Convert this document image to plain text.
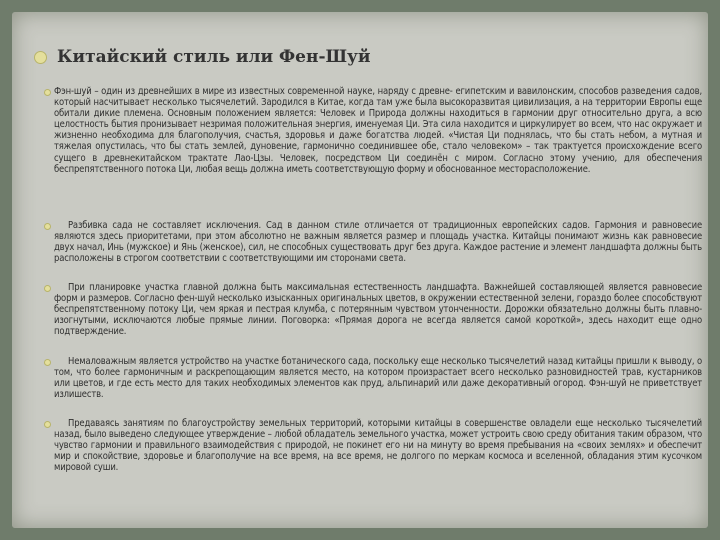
Китайский стиль или Фен-Шуй
Фэн-шуй – один из древнейших в мире из известных современной науке, наряду с древне- египетским и вавилонским, способов разведения садов, который насчитывает несколько тысячелетий. Зародился в Китае, когда там уже была высокоразвитая цивилизация, а на территории Европы еще обитали дикие племена. Основным положением является: Человек и Природа должны находиться в гармонии друг относительно друга, а всю целостность бытия пронизывает незримая положительная энергия, именуемая Ци. Эта сила находится и циркулирует во всем, что нас окружает и жизненно необходима для благополучия, счастья, здоровья и даже богатства людей. «Чистая Ци поднялась, что бы стать небом, а мутная и тяжелая опустилась, что бы стать землей, дуновение, гармонично соединившее обе, стало человеком» – так трактуется происхождение всего сущего в древнекитайском трактате Лао-Цзы. Человек, посредством Ци соединён с миром. Согласно этому учению, для обеспечения беспрепятственного потока Ци, любая вещь должна иметь соответствующую форму и обоснованное месторасположение.
Разбивка сада не составляет исключения. Сад в данном стиле отличается от традиционных европейских садов. Гармония и равновесие являются здесь приоритетами, при этом абсолютно не важным является размер и площадь участка. Китайцы понимают жизнь как равновесие двух начал, Инь (мужское) и Янь (женское), сил, не способных существовать друг без друга. Каждое растение и элемент ландшафта должны быть расположены в строгом соответствии с соответствующими им сторонами света.
При планировке участка главной должна быть максимальная естественность ландшафта. Важнейшей составляющей является равновесие форм и размеров. Согласно фен-шуй несколько изысканных оригинальных цветов, в окружении естественной зелени, гораздо более способствуют беспрепятственному потоку Ци, чем яркая и пестрая клумба, с потерянным чувством утонченности. Дорожки обязательно должны быть плавно-изогнутыми, исключаются любые прямые линии. Поговорка: «Прямая дорога не всегда является самой короткой», здесь находит еще одно подтверждение.
Немаловажным является устройство на участке ботанического сада, поскольку еще несколько тысячелетий назад китайцы пришли к выводу, о том, что более гармоничным и раскрепощающим является место, на котором произрастает всего несколько разновидностей трав, кустарников или цветов, и где есть место для таких необходимых элементов как пруд, альпинарий или даже декоративный огород. Фэн-шуй не приветствует излишеств.
Предаваясь занятиям по благоустройству земельных территорий, которыми китайцы в совершенстве овладели еще несколько тысячелетий назад, было выведено следующее утверждение – любой обладатель земельного участка, может устроить свою среду обитания таким образом, что чувство гармонии и правильного взаимодействия с природой, не покинет его ни на минуту во время пребывания на «своих землях» и обеспечит мир и спокойствие, здоровье и благополучие на все время, на все время, не долгого по меркам космоса и вселенной, обладания этим кусочком мировой суши.
